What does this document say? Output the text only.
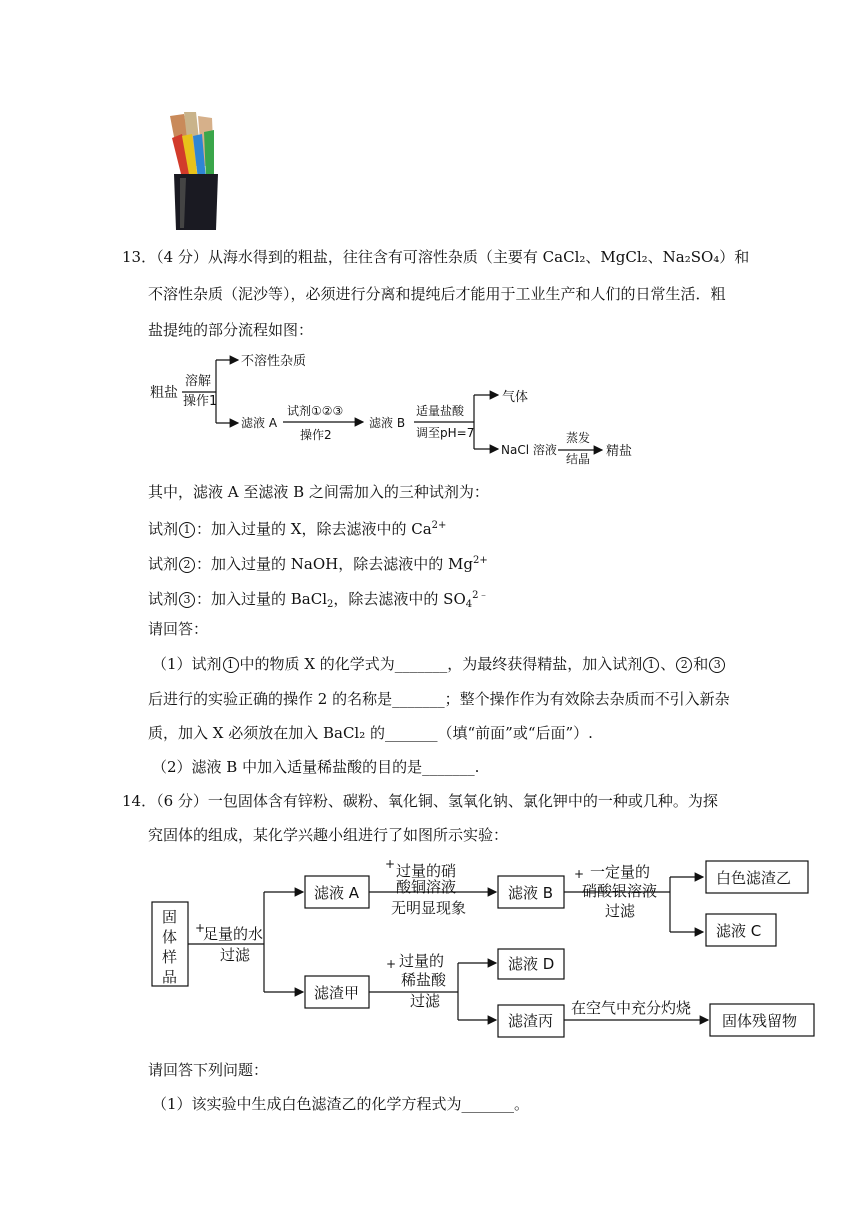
13．（4 分）从海水得到的粗盐，往往含有可溶性杂质（主要有 CaCl₂、MgCl₂、Na₂SO₄）和
不溶性杂质（泥沙等），必须进行分离和提纯后才能用于工业生产和人们的日常生活．粗
盐提纯的部分流程如图：
粗盐
溶解
操作1
不溶性杂质
滤液 A
试剂①②③
操作2
滤液 B
适量盐酸
调至pH=7
气体
NaCl 溶液
蒸发
结晶 精盐
其中，滤液 A 至滤液 B 之间需加入的三种试剂为：
试剂 1 ：加入过量的 X，除去滤液中的 $Ca^{2+}$
试剂 2 ：加入过量的 NaOH，除去滤液中的 $Mg^{2+}$
试剂 3 ：加入过量的 BaCl$_2$，除去滤液中的 $SO_4^{2﹣}$
请回答：
（1）试剂 1 中的物质 X 的化学式为_______，为最终获得精盐，加入试剂 1 、 2 和 3
后进行的实验正确的操作 2 的名称是_______；整个操作作为有效除去杂质而不引入新杂
质，加入 X 必须放在加入 BaCl₂ 的_______（填“前面”或“后面”）.
（2）滤液 B 中加入适量稀盐酸的目的是_______.
14．（6 分）一包固体含有锌粉、碳粉、氧化铜、氢氧化钠、氯化钾中的一种或几种。为探
究固体的组成，某化学兴趣小组进行了如图所示实验：
固
体
样
品
+
足量的水
过滤
滤液 A
+ 过量的硝
酸铜溶液
无明显现象
滤液 B
+ 一定量的
硝酸银溶液
过滤
白色滤渣乙
滤液 C
滤渣甲
+ 过量的
稀盐酸
过滤
滤液 D
滤渣丙
在空气中充分灼烧
固体残留物
请回答下列问题：
（1）该实验中生成白色滤渣乙的化学方程式为_______。
